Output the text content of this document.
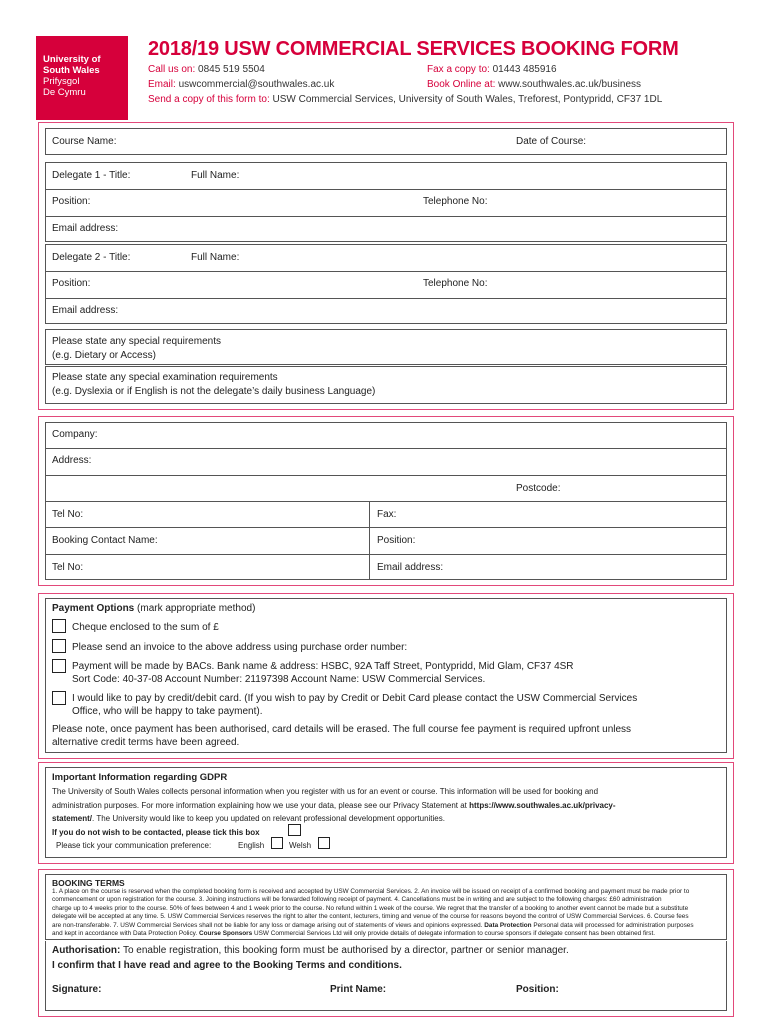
University of
South Wales
Prifysgol
De Cymru
2018/19 USW COMMERCIAL SERVICES BOOKING FORM
Call us on: 0845 519 5504	Fax a copy to: 01443 485916
Email: uswcommercial@southwales.ac.uk	Book Online at: www.southwales.ac.uk/business
Send a copy of this form to: USW Commercial Services, University of South Wales, Treforest, Pontypridd, CF37 1DL
Course Name:	Date of Course:
Delegate 1 - Title:	Full Name:
Position:	Telephone No:
Email address:
Delegate 2 - Title:	Full Name:
Position:	Telephone No:
Email address:
Please state any special requirements
(e.g. Dietary or Access)
Please state any special examination requirements
(e.g. Dyslexia or if English is not the delegate’s daily business Language)
Company:
Address:
Postcode:
Tel No:	Fax:
Booking Contact Name:	Position:
Tel No:	Email address:
Payment Options (mark appropriate method)
Cheque enclosed to the sum of £
Please send an invoice to the above address using purchase order number:
Payment will be made by BACs. Bank name & address: HSBC, 92A Taff Street, Pontypridd, Mid Glam, CF37 4SR
Sort Code: 40-37-08 Account Number: 21197398 Account Name: USW Commercial Services.
I would like to pay by credit/debit card. (If you wish to pay by Credit or Debit Card please contact the USW Commercial Services
Office, who will be happy to take payment).
Please note, once payment has been authorised, card details will be erased. The full course fee payment is required upfront unless
alternative credit terms have been agreed.
Important Information regarding GDPR
The University of South Wales collects personal information when you register with us for an event or course. This information will be used for booking and
administration purposes. For more information explaining how we use your data, please see our Privacy Statement at https://www.southwales.ac.uk/privacy-
statement/. The University would like to keep you updated on relevant professional development opportunities.
If you do not wish to be contacted, please tick this box
Please tick your communication preference:	English	Welsh
BOOKING TERMS
1. A place on the course is reserved when the completed booking form is received and accepted by USW Commercial Services. 2. An invoice will be issued on receipt of a confirmed booking and payment must be made prior to
commencement or upon registration for the course. 3. Joining instructions will be forwarded following receipt of payment. 4. Cancellations must be in writing and are subject to the following charges: £60 administration
charge up to 4 weeks prior to the course. 50% of fees between 4 and 1 week prior to the course. No refund within 1 week of the course. We regret that the transfer of a booking to another event cannot be made but a substitute
delegate will be accepted at any time. 5. USW Commercial Services reserves the right to alter the content, lecturers, timing and venue of the course for reasons beyond the control of USW Commercial Services. 6. Course fees
are non-transferable. 7. USW Commercial Services shall not be liable for any loss or damage arising out of statements of views and opinions expressed. Data Protection Personal data will processed for administration purposes
and kept in accordance with Data Protection Policy. Course Sponsors USW Commercial Services Ltd will only provide details of delegate information to course sponsors if delegate consent has been obtained first.
Authorisation: To enable registration, this booking form must be authorised by a director, partner or senior manager.
I confirm that I have read and agree to the Booking Terms and conditions.
Signature:	Print Name:	Position:
